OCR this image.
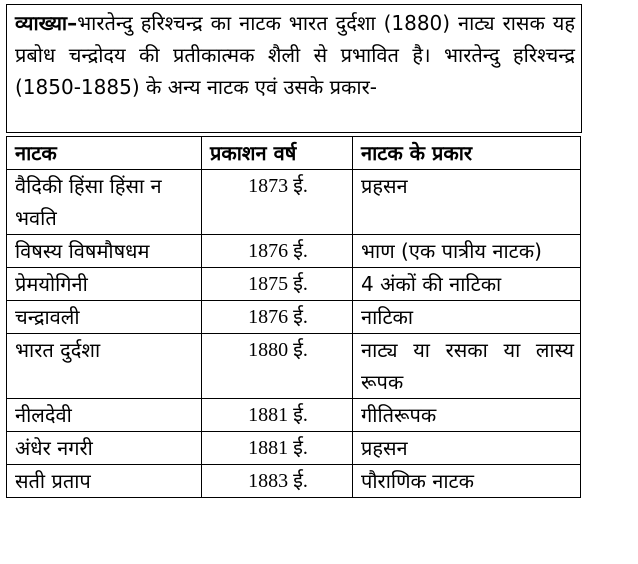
व्याख्या–भारतेन्दु हरिश्चन्द्र का नाटक भारत दुर्दशा (1880) नाट्य रासक यह प्रबोध चन्द्रोदय की प्रतीकात्मक शैली से प्रभावित है। भारतेन्दु हरिश्चन्द्र (1850-1885) के अन्य नाटक एवं उसके प्रकार-
नाटक	प्रकाशन वर्ष	नाटक के प्रकार
वैदिकी हिंसा हिंसा न भवति	1873 ई.	प्रहसन
विषस्य विषमौषधम	1876 ई.	भाण (एक पात्रीय नाटक)
प्रेमयोगिनी	1875 ई.	4 अंकों की नाटिका
चन्द्रावली	1876 ई.	नाटिका
भारत दुर्दशा	1880 ई.	नाट्य या रसका या लास्य रूपक
नीलदेवी	1881 ई.	गीतिरूपक
अंधेर नगरी	1881 ई.	प्रहसन
सती प्रताप	1883 ई.	पौराणिक नाटक
